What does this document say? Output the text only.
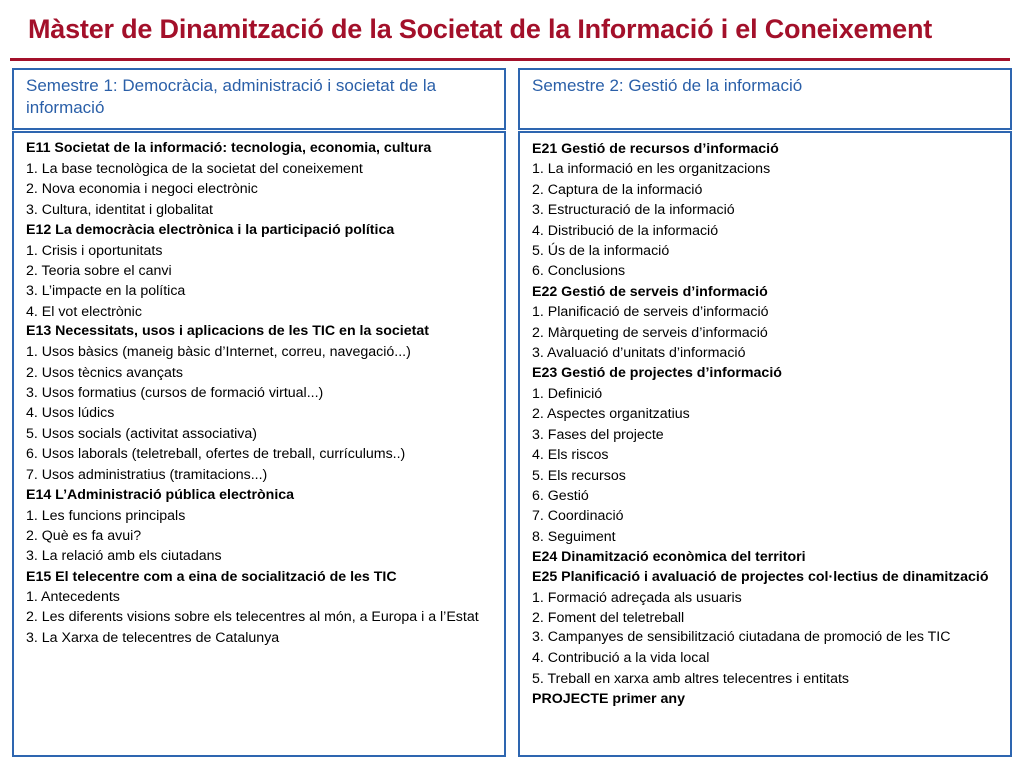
Màster de Dinamització de la Societat de la Informació i el Coneixement
Semestre 1: Democràcia, administració i societat de la informació
Semestre 2: Gestió de la informació
E11 Societat de la informació: tecnologia, economia, cultura
1. La base tecnològica de la societat del coneixement
2. Nova economia i negoci electrònic
3. Cultura, identitat i globalitat
E12 La democràcia electrònica i la participació política
1. Crisis i oportunitats
2. Teoria sobre el canvi
3. L’impacte en la política
4. El vot electrònic
E13 Necessitats, usos i aplicacions de les TIC en la societat
1. Usos bàsics (maneig bàsic d’Internet, correu, navegació...)
2. Usos tècnics avançats
3. Usos formatius (cursos de formació virtual...)
4. Usos lúdics
5. Usos socials (activitat associativa)
6. Usos laborals (teletreball, ofertes de treball, currículums..)
7. Usos administratius (tramitacions...)
E14 L’Administració pública electrònica
1. Les funcions principals
2. Què es fa avui?
3. La relació amb els ciutadans
E15 El telecentre com a eina de socialització de les TIC
1. Antecedents
2. Les diferents visions sobre els telecentres al món, a Europa i a l’Estat
3. La Xarxa de telecentres de Catalunya
E21 Gestió de recursos d’informació
1. La informació en les organitzacions
2. Captura de la informació
3. Estructuració de la informació
4. Distribució de la informació
5. Ús de la informació
6. Conclusions
E22 Gestió de serveis d’informació
1. Planificació de serveis d’informació
2. Màrqueting de serveis d’informació
3. Avaluació d’unitats d’informació
E23 Gestió de projectes d’informació
1. Definició
2. Aspectes organitzatius
3. Fases del projecte
4. Els riscos
5. Els recursos
6. Gestió
7. Coordinació
8. Seguiment
E24 Dinamització econòmica del territori
E25 Planificació i avaluació de projectes col·lectius de dinamització
1. Formació adreçada als usuaris
2. Foment del teletreball
3. Campanyes de sensibilització ciutadana de promoció de les TIC
4. Contribució a la vida local
5. Treball en xarxa amb altres telecentres i entitats
PROJECTE primer any
